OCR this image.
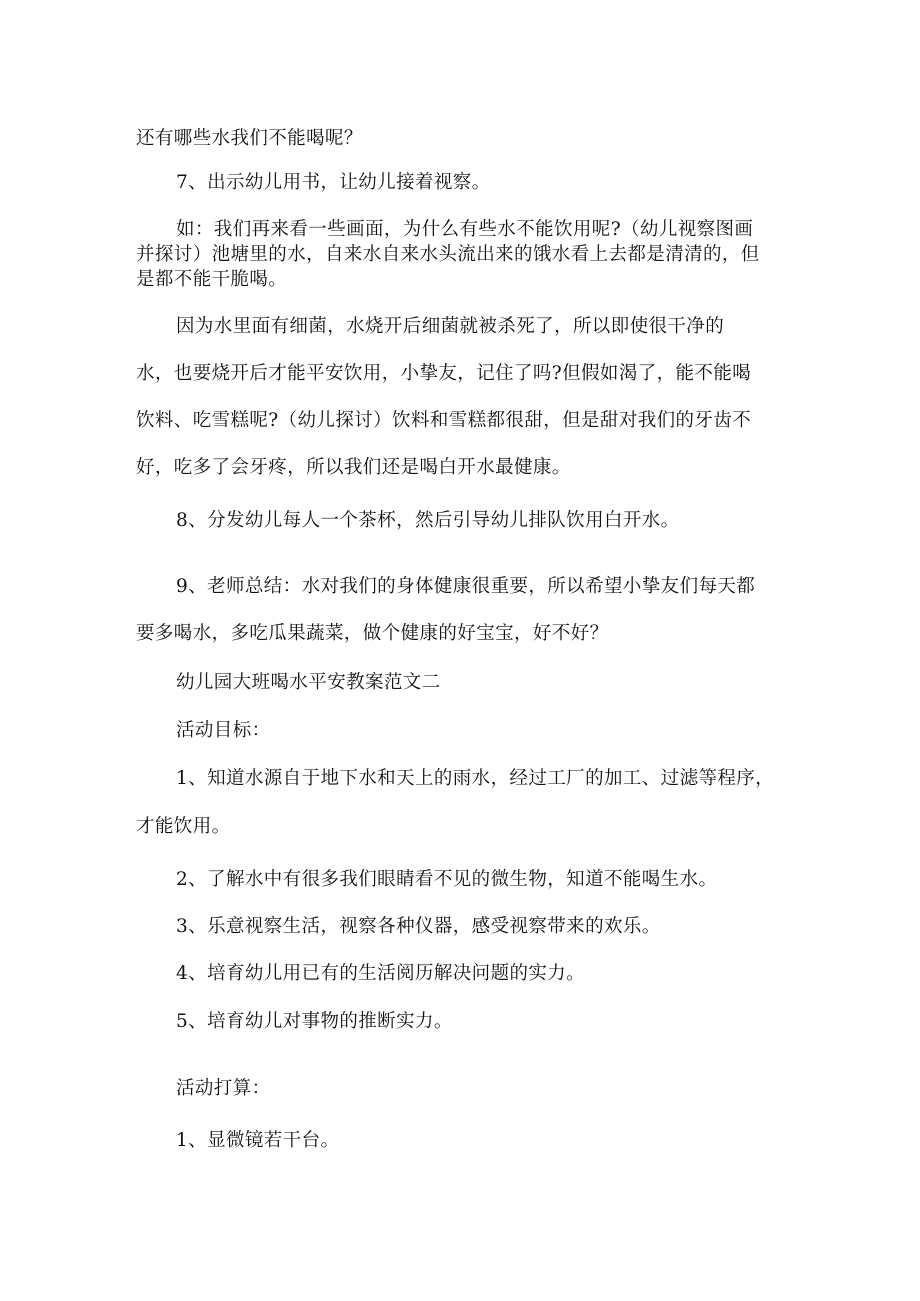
还有哪些水我们不能喝呢？
7、出示幼儿用书，让幼儿接着视察。
如：我们再来看一些画面，为什么有些水不能饮用呢?（幼儿视察图画
并探讨）池塘里的水，自来水自来水头流出来的饿水看上去都是清清的，但
是都不能干脆喝。
因为水里面有细菌，水烧开后细菌就被杀死了，所以即使很干净的
水，也要烧开后才能平安饮用，小挚友，记住了吗?但假如渴了，能不能喝
饮料、吃雪糕呢?（幼儿探讨）饮料和雪糕都很甜，但是甜对我们的牙齿不
好，吃多了会牙疼，所以我们还是喝白开水最健康。
8、分发幼儿每人一个茶杯，然后引导幼儿排队饮用白开水。
9、老师总结：水对我们的身体健康很重要，所以希望小挚友们每天都
要多喝水，多吃瓜果蔬菜，做个健康的好宝宝，好不好？
幼儿园大班喝水平安教案范文二
活动目标：
1、知道水源自于地下水和天上的雨水，经过工厂的加工、过滤等程序，
才能饮用。
2、了解水中有很多我们眼睛看不见的微生物，知道不能喝生水。
3、乐意视察生活，视察各种仪器，感受视察带来的欢乐。
4、培育幼儿用已有的生活阅历解决问题的实力。
5、培育幼儿对事物的推断实力。
活动打算：
1、显微镜若干台。
